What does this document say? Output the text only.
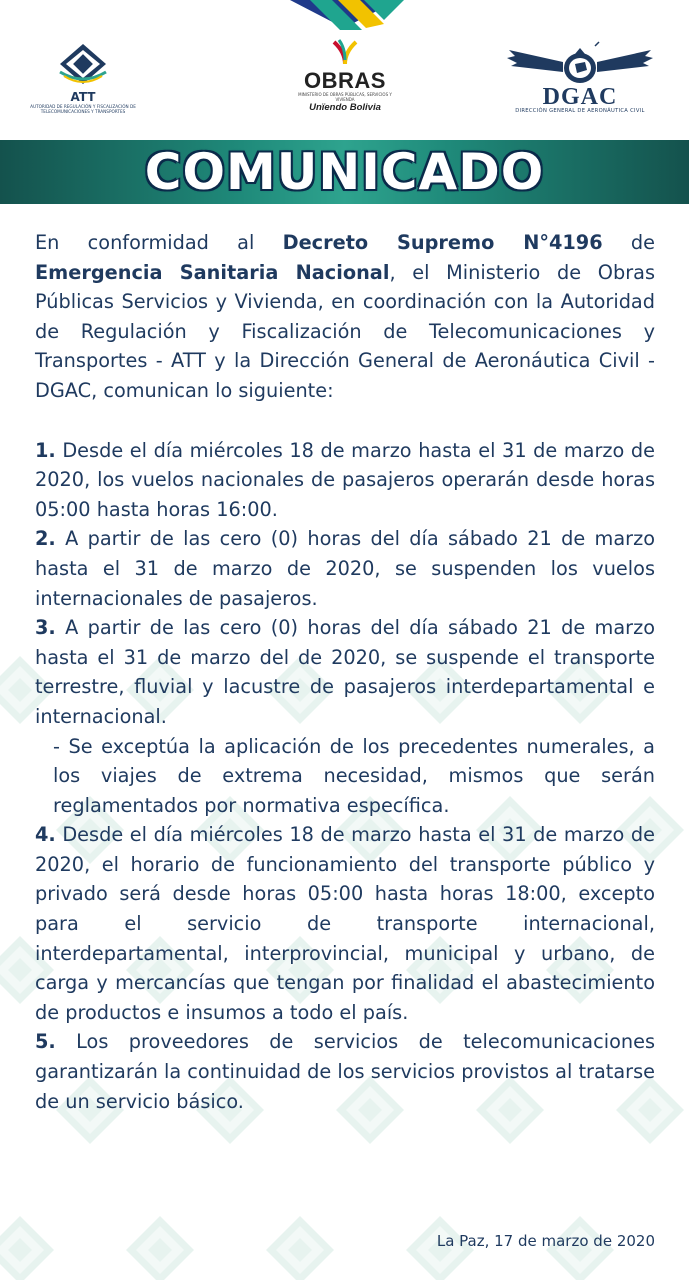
ATT
AUTORIDAD DE REGULACIÓN Y FISCALIZACIÓN DE TELECOMUNICACIONES Y TRANSPORTES
OBRAS
MINISTERIO DE OBRAS PÚBLICAS, SERVICIOS Y VIVIENDA
Unïendo Bolivia	DGAC
DIRECCIÓN GENERAL DE AERONÁUTICA CIVIL
COMUNICADO

En conformidad al Decreto Supremo N°4196 de Emergencia Sanitaria Nacional, el Ministerio de Obras Públicas Servicios y Vivienda, en coordinación con la Autoridad de Regulación y Fiscalización de Telecomunicaciones y Transportes - ATT y la Dirección General de Aeronáutica Civil - DGAC, comunican lo siguiente:

1. Desde el día miércoles 18 de marzo hasta el 31 de marzo de 2020, los vuelos nacionales de pasajeros operarán desde horas 05:00 hasta horas 16:00.

2. A partir de las cero (0) horas del día sábado 21 de marzo hasta el 31 de marzo de 2020, se suspenden los vuelos internacionales de pasajeros.

3. A partir de las cero (0) horas del día sábado 21 de marzo hasta el 31 de marzo del de 2020, se suspende el transporte terrestre, fluvial y lacustre de pasajeros interdepartamental e internacional.

- Se exceptúa la aplicación de los precedentes numerales, a los viajes de extrema necesidad, mismos que serán reglamentados por normativa específica.

4. Desde el día miércoles 18 de marzo hasta el 31 de marzo de 2020, el horario de funcionamiento del transporte público y privado será desde horas 05:00 hasta horas 18:00, excepto para el servicio de transporte internacional, interdepartamental, interprovincial, municipal y urbano, de carga y mercancías que tengan por finalidad el abastecimiento de productos e insumos a todo el país.

5. Los proveedores de servicios de telecomunicaciones garantizarán la continuidad de los servicios provistos al tratarse de un servicio básico.

La Paz, 17 de marzo de 2020
